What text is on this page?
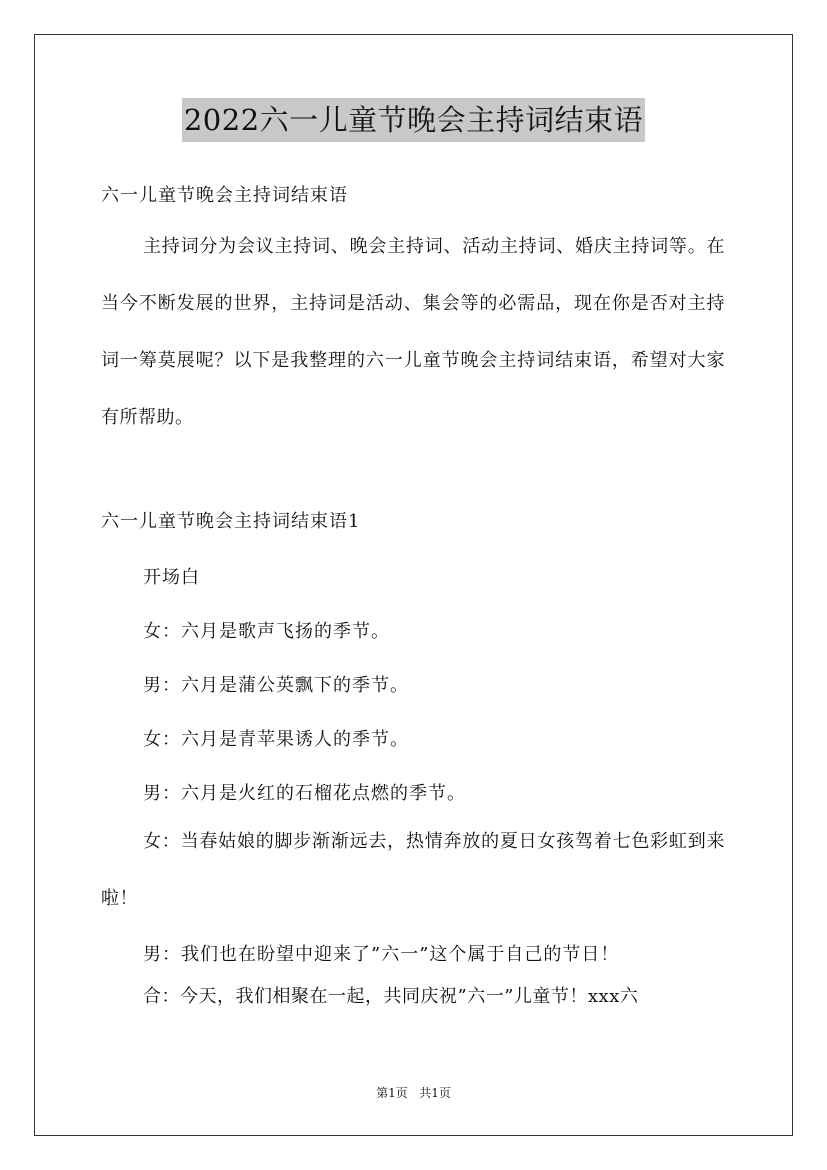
2022六一儿童节晚会主持词结束语
六一儿童节晚会主持词结束语
主持词分为会议主持词、晚会主持词、活动主持词、婚庆主持词等。在当今不断发展的世界，主持词是活动、集会等的必需品，现在你是否对主持词一筹莫展呢？以下是我整理的六一儿童节晚会主持词结束语，希望对大家有所帮助。
六一儿童节晚会主持词结束语1
开场白
女：六月是歌声飞扬的季节。
男：六月是蒲公英飘下的季节。
女：六月是青苹果诱人的季节。
男：六月是火红的石榴花点燃的季节。
女：当春姑娘的脚步渐渐远去，热情奔放的夏日女孩驾着七色彩虹到来啦！
男：我们也在盼望中迎来了”六一”这个属于自己的节日！
合：今天，我们相聚在一起，共同庆祝”六一”儿童节！xxx六
第1页 共1页
